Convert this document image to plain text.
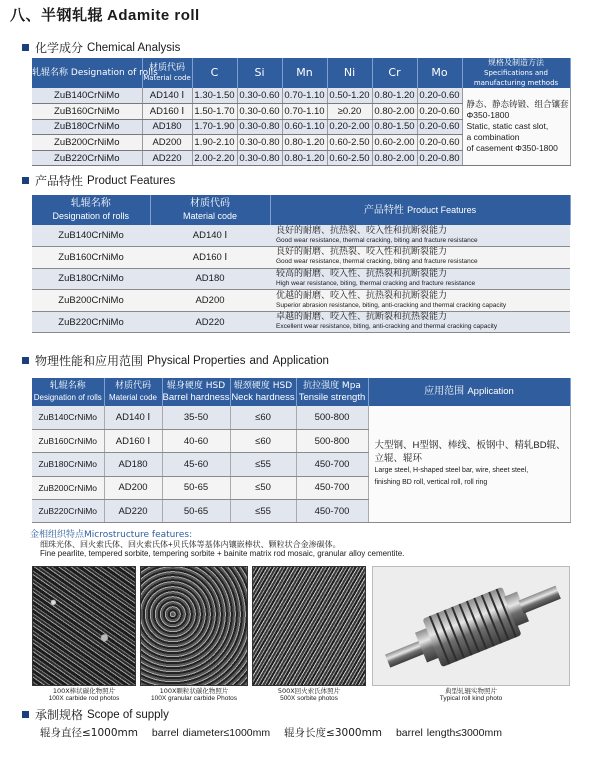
八、半钢轧辊 Adamite roll
化学成分 Chemical Analysis
轧辊名称 Designation of rolls	材质代码
Material code	C	Si	Mn	Ni	Cr	Mo	规格及制造方法 Specifications and manufacturing methods
ZuB140CrNiMo	AD140 Ⅰ	1.30-1.50	0.30-0.60	0.70-1.10	0.50-1.20	0.80-1.20	0.20-0.60	静态、静态铸锻、组合镶套
Φ350-1800
Static, static cast slot,
a combination
of casement Φ350-1800

ZuB160CrNiMo	AD160 Ⅰ	1.50-1.70	0.30-0.60	0.70-1.10	≥0.20	0.80-2.00	0.20-0.60	
ZuB180CrNiMo	AD180	1.70-1.90	0.30-0.80	0.60-1.10	0.20-2.00	0.80-1.50	0.20-0.60	
ZuB200CrNiMo	AD200	1.90-2.10	0.30-0.80	0.80-1.20	0.60-2.50	0.60-2.00	0.20-0.60	
ZuB220CrNiMo	AD220	2.00-2.20	0.30-0.80	0.80-1.20	0.60-2.50	0.80-2.00	0.20-0.80	
产品特性 Product Features
轧辊名称
Designation of rolls	材质代码
Material code	产品特性 Product Features
ZuB140CrNiMo	AD140 Ⅰ	良好的耐磨、抗热裂、咬入性和抗断裂能力
Good wear resistance, thermal cracking, biting and fracture resistance

ZuB160CrNiMo	AD160 Ⅰ	良好的耐磨、抗热裂、咬入性和抗断裂能力
Good wear resistance, thermal cracking, biting and fracture resistance

ZuB180CrNiMo	AD180	较高的耐磨、咬入性、抗热裂和抗断裂能力
High wear resistance, biting, thermal cracking and fracture resistance

ZuB200CrNiMo	AD200	优越的耐磨、咬入性、抗热裂和抗断裂能力
Superior abrasion resistance, biting, anti-cracking and thermal cracking capacity

ZuB220CrNiMo	AD220	卓越的耐磨、咬入性、抗断裂和抗热裂能力
Excellent wear resistance, biting, anti-cracking and thermal cracking capacity
物理性能和应用范围 Physical Properties and Application
轧辊名称
Designation of rolls	材质代码
Material code	辊身硬度 HSD
Barrel hardness	辊颈硬度 HSD
Neck hardness	抗拉强度 Mpa
Tensile strength	应用范围 Application
ZuB140CrNiMo	AD140 Ⅰ	35-50	≤60	500-800	大型钢、H型钢、棒线、板钢中、精轧BD辊、
立辊、辊环
Large steel, H-shaped steel bar, wire, sheet steel,
finishing BD roll, vertical roll, roll ring

ZuB160CrNiMo	AD160 Ⅰ	40-60	≤60	500-800	
ZuB180CrNiMo	AD180	45-60	≤55	450-700	
ZuB200CrNiMo	AD200	50-65	≤50	450-700	
ZuB220CrNiMo	AD220	50-65	≤55	450-700	
金相组织特点Microstructure features:
细珠光体、回火索氏体、回火索氏体+贝氏体等基体内镶嵌棒状、颗粒状合金渗碳体。
Fine pearlite, tempered sorbite, tempering sorbite + bainite matrix rod mosaic, granular alloy cementite.
100X棒状碳化物照片
100X carbide rod photos
100X颗粒状碳化物照片
100X granular carbide Photos
500X回火索氏体照片
500X sorbite photos
典型轧辊实物照片
Typical roll kind photo
承制规格 Scope of supply
辊身直径≤1000mm barrel diameter≤1000mm 辊身长度≤3000mm barrel length≤3000mm
